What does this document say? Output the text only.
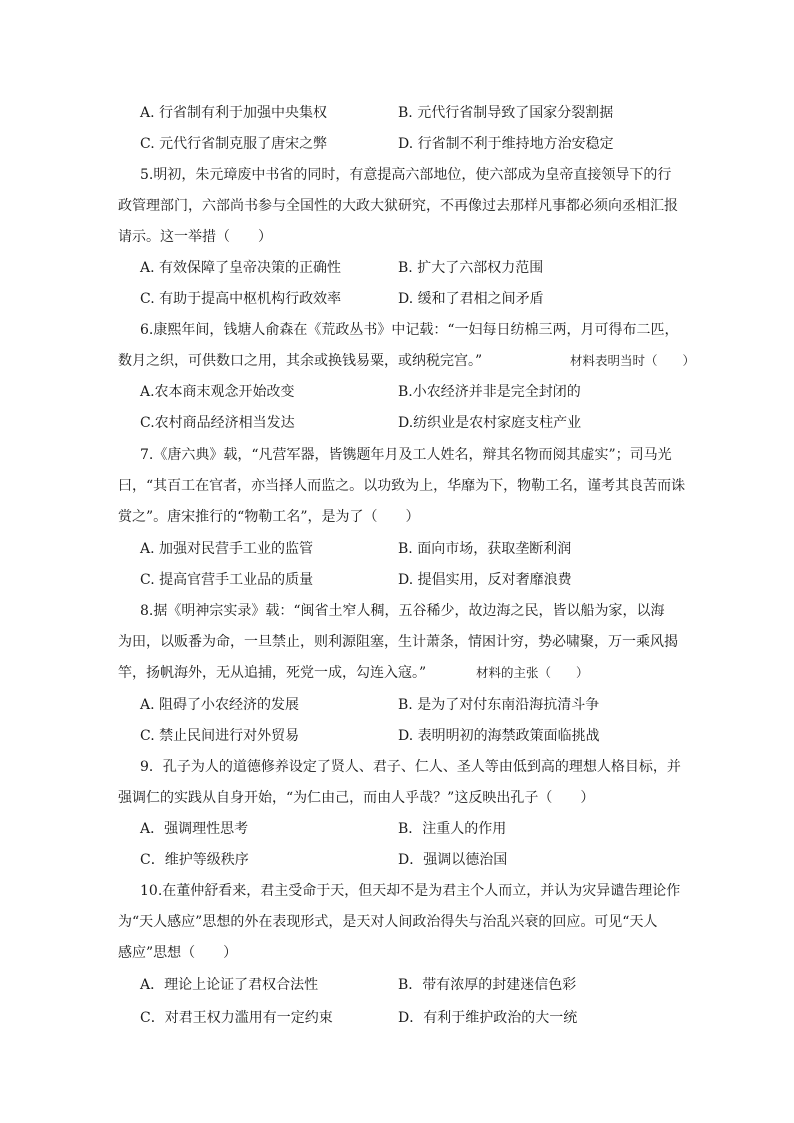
A. 行省制有利于加强中央集权	B. 元代行省制导致了国家分裂割据
C. 元代行省制克服了唐宋之弊	D. 行省制不利于维持地方治安稳定
5.明初，朱元璋废中书省的同时，有意提高六部地位，使六部成为皇帝直接领导下的行
政管理部门，六部尚书参与全国性的大政大狱研究，不再像过去那样凡事都必须向丞相汇报
请示。这一举措（　　）
A. 有效保障了皇帝决策的正确性	B. 扩大了六部权力范围
C. 有助于提高中枢机构行政效率	D. 缓和了君相之间矛盾
6.康熙年间，钱塘人俞森在《荒政丛书》中记载：“一妇每日纺棉三两，月可得布二匹，
数月之织，可供数口之用，其余或换钱易粟，或纳税完宫。”	材料表明当时（　　）
A.农本商末观念开始改变	B.小农经济并非是完全封闭的
C.农村商品经济相当发达	D.纺织业是农村家庭支柱产业
7.《唐六典》载，“凡营军器，皆镌题年月及工人姓名，辩其名物而阅其虚实”；司马光
曰，“其百工在官者，亦当择人而监之。以功致为上，华靡为下，物勒工名，谨考其良苦而诛
赏之”。唐宋推行的“物勒工名”，是为了（　　）
A. 加强对民营手工业的监管	B. 面向市场，获取垄断利润
C. 提高官营手工业品的质量	D. 提倡实用，反对奢靡浪费
8.据《明神宗实录》载：“闽省土窄人稠，五谷稀少，故边海之民，皆以船为家，以海
为田，以贩番为命，一旦禁止，则利源阻塞，生计萧条，情困计穷，势必啸聚，万一乘风揭
竿，扬帆海外，无从追捕，死党一成，勾连入寇。”	材料的主张（　　）
A. 阻碍了小农经济的发展	B. 是为了对付东南沿海抗清斗争
C. 禁止民间进行对外贸易	D. 表明明初的海禁政策面临挑战
9．孔子为人的道德修养设定了贤人、君子、仁人、圣人等由低到高的理想人格目标，并
强调仁的实践从自身开始，“为仁由己，而由人乎哉？”这反映出孔子（　　）
A．强调理性思考	B．注重人的作用
C．维护等级秩序	D．强调以德治国
10.在董仲舒看来，君主受命于天，但天却不是为君主个人而立，并认为灾异谴告理论作
为“天人感应”思想的外在表现形式，是天对人间政治得失与治乱兴衰的回应。可见“天人
感应”思想（　　）
A．理论上论证了君权合法性	B．带有浓厚的封建迷信色彩
C．对君王权力滥用有一定约束	D．有利于维护政治的大一统
